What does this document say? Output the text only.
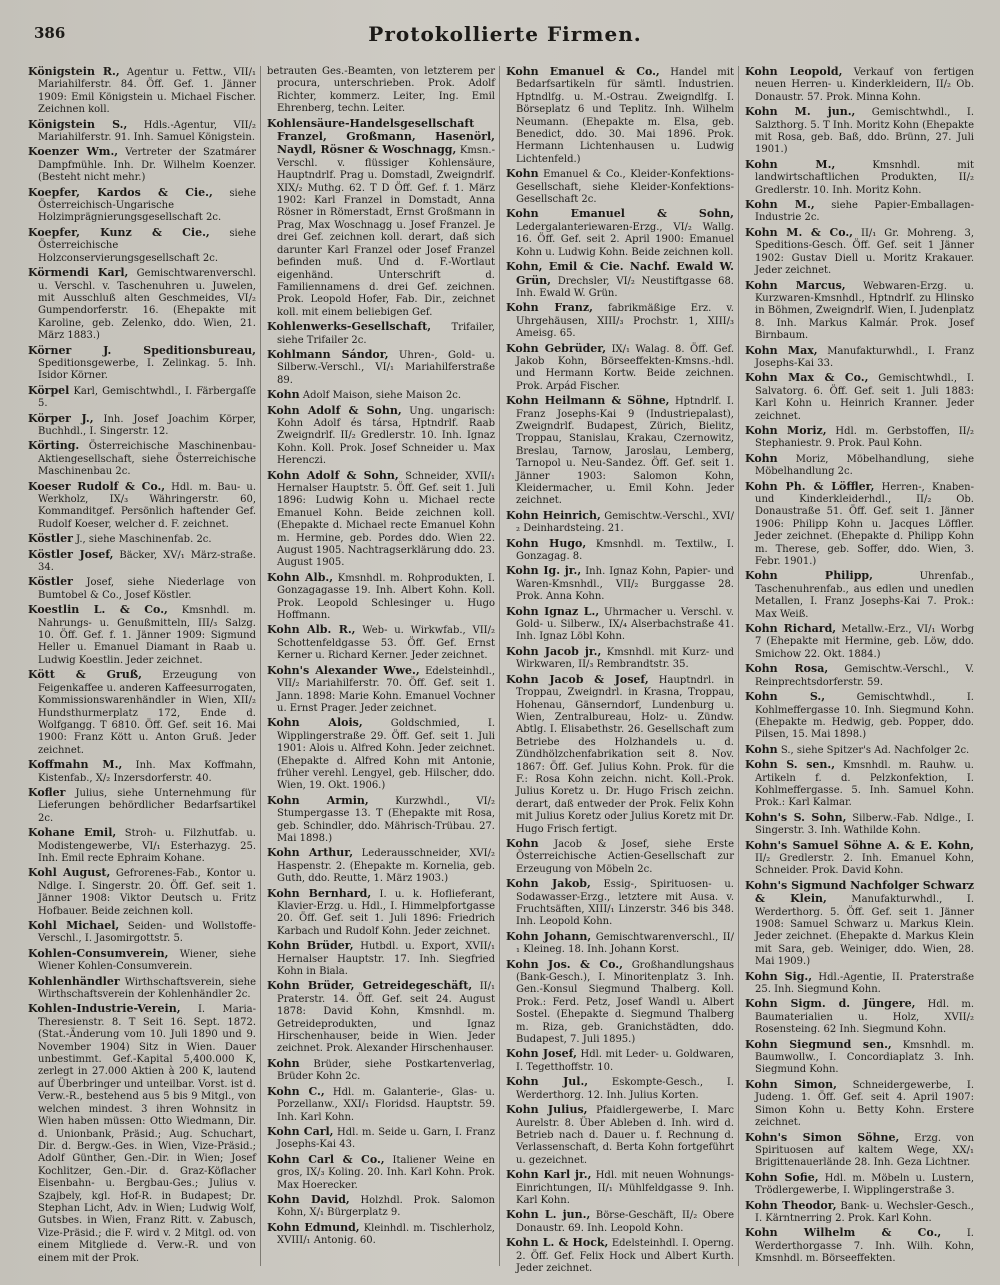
386	Protokollierte Firmen.

Königstein R., Agentur u. Fettw., VII/₁ Mariahilferstr. 84. Öff. Gef. 1. Jänner 1909: Emil Königstein u. Michael Fischer. Zeichnen koll.

Königstein S., Hdls.-Agentur, VII/₂ Mariahilferstr. 91. Inh. Samuel Königstein.

Koenzer Wm., Vertreter der Szatmárer Dampfmühle. Inh. Dr. Wilhelm Koenzer. (Besteht nicht mehr.)

Koepfer, Kardos & Cie., siehe Österreichisch-Ungarische Holzimprägnierungsgesellschaft 2c.

Koepfer, Kunz & Cie., siehe Österreichische Holzconservierungsgesellschaft 2c.

Körmendi Karl, Gemischtwarenverschl. u. Verschl. v. Taschenuhren u. Juwelen, mit Ausschluß alten Geschmeides, VI/₂ Gumpendorferstr. 16. (Ehepakte mit Karoline, geb. Zelenko, ddo. Wien, 21. März 1883.)

Körner J. Speditionsbureau, Speditionsgewerbe, I. Zelinkag. 5. Inh. Isidor Körner.

Körpel Karl, Gemischtwhdl., I. Färbergaſſe 5.

Körper J., Inh. Josef Joachim Körper, Buchhdl., I. Singerstr. 12.

Körting. Österreichische Maschinenbau-Aktiengesellschaft, siehe Österreichische Maschinenbau 2c.

Koeser Rudolf & Co., Hdl. m. Bau- u. Werkholz, IX/₃ Währingerstr. 60, Kommanditgef. Persönlich haftender Gef. Rudolf Koeser, welcher d. F. zeichnet.

Köstler J., siehe Maschinenfab. 2c.

Köstler Josef, Bäcker, XV/₁ März-straße. 34.

Köstler Josef, siehe Niederlage von Bumtobel & Co., Josef Köstler.

Koestlin L. & Co., Kmsnhdl. m. Nahrungs- u. Genußmitteln, III/₃ Salzg. 10. Öff. Gef. f. 1. Jänner 1909: Sigmund Heller u. Emanuel Diamant in Raab u. Ludwig Koestlin. Jeder zeichnet.

Kött & Gruß, Erzeugung von Feigenkaffee u. anderen Kaffeesurrogaten, Kommissionswarenhändler in Wien, XII/₂ Hundsthurmerplatz 172, Ende d. Wolfgangg. T 6810. Öff. Gef. seit 16. Mai 1900: Franz Kött u. Anton Gruß. Jeder zeichnet.

Koffmahn M., Inh. Max Koffmahn, Kistenfab., X/₂ Inzersdorferstr. 40.

Kofler Julius, siehe Unternehmung für Lieferungen behördlicher Bedarfsartikel 2c.

Kohane Emil, Stroh- u. Filzhutfab. u. Modistengewerbe, VI/₁ Esterhazyg. 25. Inh. Emil recte Ephraim Kohane.

Kohl August, Gefrorenes-Fab., Kontor u. Ndlge. I. Singerstr. 20. Öff. Gef. seit 1. Jänner 1908: Viktor Deutsch u. Fritz Hofbauer. Beide zeichnen koll.

Kohl Michael, Seiden- und Wollstoffe-Verschl., I. Jasomirgottstr. 5.

Kohlen-Consumverein, Wiener, siehe Wiener Kohlen-Consumverein.

Kohlenhändler Wirthschaftsverein, siehe Wirthschaftsverein der Kohlenhändler 2c.

Kohlen-Industrie-Verein, I. Maria-Theresienstr. 8. T Seit 16. Sept. 1872. (Stat.-Änderung vom 10. Juli 1890 und 9. November 1904) Sitz in Wien. Dauer unbestimmt. Gef.-Kapital 5,400.000 K, zerlegt in 27.000 Aktien à 200 K, lautend auf Überbringer und unteilbar. Vorst. ist d. Verw.-R., bestehend aus 5 bis 9 Mitgl., von welchen mindest. 3 ihren Wohnsitz in Wien haben müssen: Otto Wiedmann, Dir. d. Unionbank, Präsid.; Aug. Schuchart, Dir. d. Bergw.-Ges. in Wien, Vize-Präsid.; Adolf Günther, Gen.-Dir. in Wien; Josef Kochlitzer, Gen.-Dir. d. Graz-Köflacher Eisenbahn- u. Bergbau-Ges.; Julius v. Szajbely, kgl. Hof-R. in Budapest; Dr. Stephan Licht, Adv. in Wien; Ludwig Wolf, Gutsbes. in Wien, Franz Ritt. v. Zabusch, Vize-Präsid.; die F. wird v. 2 Mitgl. od. von einem Mitgliede d. Verw.-R. und von einem mit der Prok.

betrauten Ges.-Beamten, von letzterem per procura, unterschrieben. Prok. Adolf Richter, kommerz. Leiter, Ing. Emil Ehrenberg, techn. Leiter.

Kohlensäure-Handelsgesellschaft Franzel, Großmann, Hasenörl, Naydl, Rösner & Woschnagg, Kmsn.-Verschl. v. flüssiger Kohlensäure, Hauptndrlf. Prag u. Domstadl, Zweigndrlf. XIX/₂ Muthg. 62. T D Öff. Gef. f. 1. März 1902: Karl Franzel in Domstadt, Anna Rösner in Römerstadt, Ernst Großmann in Prag, Max Woschnagg u. Josef Franzel. Je drei Gef. zeichnen koll. derart, daß sich darunter Karl Franzel oder Josef Franzel befinden muß. Und d. F.-Wortlaut eigenhänd. Unterschrift d. Familiennamens d. drei Gef. zeichnen. Prok. Leopold Hofer, Fab. Dir., zeichnet koll. mit einem beliebigen Gef.

Kohlenwerks-Gesellschaft, Trifailer, siehe Trifailer 2c.

Kohlmann Sándor, Uhren-, Gold- u. Silberw.-Verschl., VI/₁ Mariahilferstraße 89.

Kohn Adolf Maison, siehe Maison 2c.

Kohn Adolf & Sohn, Ung. ungarisch: Kohn Adolf és társa, Hptndrlf. Raab Zweigndrlf. II/₂ Gredlerstr. 10. Inh. Ignaz Kohn. Koll. Prok. Josef Schneider u. Max Herenczi.

Kohn Adolf & Sohn, Schneider, XVII/₁ Hernalser Hauptstr. 5. Öff. Gef. seit 1. Juli 1896: Ludwig Kohn u. Michael recte Emanuel Kohn. Beide zeichnen koll. (Ehepakte d. Michael recte Emanuel Kohn m. Hermine, geb. Pordes ddo. Wien 22. August 1905. Nachtragserklärung ddo. 23. August 1905.

Kohn Alb., Kmsnhdl. m. Rohprodukten, I. Gonzagagasse 19. Inh. Albert Kohn. Koll. Prok. Leopold Schlesinger u. Hugo Hoffmann.

Kohn Alb. R., Web- u. Wirkwfab., VII/₂ Schottenfeldgasse 53. Öff. Gef. Ernst Kerner u. Richard Kerner. Jeder zeichnet.

Kohn's Alexander Wwe., Edelsteinhdl., VII/₂ Mariahilferstr. 70. Öff. Gef. seit 1. Jann. 1898: Marie Kohn. Emanuel Vochner u. Ernst Prager. Jeder zeichnet.

Kohn Alois,	Goldschmied, I. Wipplingerstraße 29. Öff. Gef. seit 1. Juli 1901: Alois u. Alfred Kohn. Jeder zeichnet. (Ehepakte d. Alfred Kohn mit Antonie, früher verehl. Lengyel, geb. Hilscher, ddo. Wien, 19. Okt. 1906.)

Kohn Armin,	Kurzwhdl., VI/₂ Stumpergasse 13. T (Ehepakte mit Rosa, geb. Schindler, ddo. Mährisch-Trübau. 27. Mai 1898.)

Kohn Arthur, Lederausschneider, XVI/₂ Haspenstr. 2. (Ehepakte m. Kornelia, geb. Guth, ddo. Reutte, 1. März 1903.)

Kohn Bernhard, I. u. k. Hoflieferant, Klavier-Erzg. u. Hdl., I. Himmelpfortgasse 20. Öff. Gef. seit 1. Juli 1896: Friedrich Karbach und Rudolf Kohn. Jeder zeichnet.

Kohn Brüder, Hutbdl. u. Export, XVII/₁ Hernalser Hauptstr. 17. Inh. Siegfried Kohn in Biala.

Kohn Brüder, Getreidegeschäft, II/₁ Praterstr. 14. Öff. Gef. seit 24. August 1878: David Kohn, Kmsnhdl. m. Getreideprodukten, und Ignaz Hirschenhauser, beide in Wien. Jeder zeichnet. Prok. Alexander Hirschenhauser.

Kohn Brüder, siehe Postkartenverlag, Brüder Kohn 2c.

Kohn C., Hdl. m. Galanterie-, Glas- u. Porzellanw., XXI/₁ Floridsd. Hauptstr. 59. Inh. Karl Kohn.

Kohn Carl, Hdl. m. Seide u. Garn, I. Franz Josephs-Kai 43.

Kohn Carl & Co., Italiener Weine en gros, IX/₃ Koling. 20. Inh. Karl Kohn. Prok. Max Hoerecker.

Kohn David, Holzhdl. Prok. Salomon Kohn, X/₁ Bürgerplatz 9.

Kohn Edmund, Kleinhdl. m. Tischlerholz, XVIII/₁ Antonig. 60.

Kohn Emanuel & Co., Handel mit Bedarfsartikeln für sämtl. Industrien. Hptndlfg. u. M.-Ostrau. Zweigndlfg. I. Börseplatz 6 und Teplitz. Inh. Wilhelm Neumann. (Ehepakte m. Elsa, geb. Benedict, ddo. 30. Mai 1896. Prok. Hermann Lichtenhausen u. Ludwig Lichtenfeld.)

Kohn Emanuel & Co., Kleider-Konfektions-Gesellschaft, siehe Kleider-Konfektions-Gesellschaft 2c.

Kohn Emanuel & Sohn, Ledergalanteriewaren-Erzg., VI/₂ Wallg. 16. Öff. Gef. seit 2. April 1900: Emanuel Kohn u. Ludwig Kohn. Beide zeichnen koll.

Kohn, Emil & Cie. Nachf. Ewald W. Grün, Drechsler, VI/₂ Neustiftgasse 68. Inh. Ewald W. Grün.

Kohn Franz, fabrikmäßige Erz. v. Uhrgehäusen, XIII/₃ Prochstr. 1, XIII/₃ Ameisg. 65.

Kohn Gebrüder, IX/₁ Walag. 8. Öff. Gef. Jakob Kohn, Börseeffekten-Kmsns.-hdl. und Hermann Kortw. Beide zeichnen. Prok. Arpád Fischer.

Kohn Heilmann & Söhne, Hptndrlf. I. Franz Josephs-Kai 9 (Industriepalast), Zweigndrlf. Budapest, Zürich, Bielitz, Troppau, Stanislau, Krakau, Czernowitz, Breslau, Tarnow, Jaroslau, Lemberg, Tarnopol u. Neu-Sandez. Öff. Gef. seit 1. Jänner 1903: Salomon Kohn, Kleidermacher, u. Emil Kohn. Jeder zeichnet.

Kohn Heinrich, Gemischtw.-Verschl., XVI/₂ Deinhardsteing. 21.

Kohn Hugo, Kmsnhdl. m. Textilw., I. Gonzagag. 8.

Kohn Ig. jr., Inh. Ignaz Kohn, Papier- und Waren-Kmsnhdl., VII/₂ Burggasse 28. Prok. Anna Kohn.

Kohn Ignaz L., Uhrmacher u. Verschl. v. Gold- u. Silberw., IX/₄ Alserbachstraße 41. Inh. Ignaz Löbl Kohn.

Kohn Jacob jr., Kmsnhdl. mit Kurz- und Wirkwaren, II/₃ Rembrandtstr. 35.

Kohn Jacob & Josef, Hauptndrl. in Troppau, Zweigndrl. in Krasna, Troppau, Hohenau, Gänserndorf, Lundenburg u. Wien, Zentralbureau, Holz- u. Zündw. Abtlg. I. Elisabethstr. 26. Gesellschaft zum Betriebe des Holzhandels u. d. Zündhölzchenfabrikation seit 8. Nov. 1867: Öff. Gef. Julius Kohn. Prok. für die F.: Rosa Kohn zeichn. nicht. Koll.-Prok. Julius Koretz u. Dr. Hugo Frisch zeichn. derart, daß entweder der Prok. Felix Kohn mit Julius Koretz oder Julius Koretz mit Dr. Hugo Frisch fertigt.

Kohn Jacob & Josef, siehe Erste Österreichische Actien-Gesellschaft zur Erzeugung von Möbeln 2c.

Kohn Jakob, Essig-, Spirituosen- u. Sodawasser-Erzg., letztere mit Ausa. v. Fruchtsäften, XIII/₁ Linzerstr. 346 bis 348. Inh. Leopold Kohn.

Kohn Johann, Gemischtwarenverschl., II/₁ Kleineg. 18. Inh. Johann Korst.

Kohn Jos. & Co., Großhandlungshaus (Bank-Gesch.), I. Minoritenplatz 3. Inh. Gen.-Konsul Siegmund Thalberg. Koll. Prok.: Ferd. Petz, Josef Wandl u. Albert Sostel. (Ehepakte d. Siegmund Thalberg m. Riza, geb. Granichstädten, ddo. Budapest, 7. Juli 1895.)

Kohn Josef, Hdl. mit Leder- u. Goldwaren, I. Tegetthoffstr. 10.

Kohn Jul., Eskompte-Gesch., I. Werderthorg. 12. Inh. Julius Korten.

Kohn Julius, Pfaidlergewerbe, I. Marc Aurelstr. 8. Über Ableben d. Inh. wird d. Betrieb nach d. Dauer u. f. Rechnung d. Verlassenschaft, d. Berta Kohn fortgeführt u. gezeichnet.

Kohn Karl jr., Hdl. mit neuen Wohnungs-Einrichtungen, II/₁ Mühlfeldgasse 9. Inh. Karl Kohn.

Kohn L. jun., Börse-Geschäft, II/₂ Obere Donaustr. 69. Inh. Leopold Kohn.

Kohn L. & Hock, Edelsteinhdl. I. Operng. 2. Öff. Gef. Felix Hock und Albert Kurth. Jeder zeichnet.

Kohn Leopold, Verkauf von fertigen neuen Herren- u. Kinderkleidern, II/₂ Ob. Donaustr. 57. Prok. Minna Kohn.

Kohn M. jun., Gemischtwhdl., I. Salzthorg. 5. T Inh. Moritz Kohn (Ehepakte mit Rosa, geb. Baß, ddo. Brünn, 27. Juli 1901.)

Kohn M.,	Kmsnhdl. mit landwirtschaftlichen Produkten, II/₂ Gredlerstr. 10. Inh. Moritz Kohn.

Kohn M., siehe Papier-Emballagen-Industrie 2c.

Kohn M. & Co., II/₁ Gr. Mohreng. 3, Speditions-Gesch. Öff. Gef. seit 1 Jänner 1902: Gustav Diell u. Moritz Krakauer. Jeder zeichnet.

Kohn Marcus, Webwaren-Erzg. u. Kurzwaren-Kmsnhdl., Hptndrlf. zu Hlinsko in Böhmen, Zweigndrlf. Wien, I. Judenplatz 8. Inh. Markus Kalmár. Prok. Josef Birnbaum.

Kohn Max, Manufakturwhdl., I. Franz Josephs-Kai 33.

Kohn Max & Co., Gemischtwhdl., I. Salvatorg. 6. Öff. Gef. seit 1. Juli 1883: Karl Kohn u. Heinrich Kranner. Jeder zeichnet.

Kohn Moriz, Hdl. m. Gerbstoffen, II/₂ Stephaniestr. 9. Prok. Paul Kohn.

Kohn Moriz, Möbelhandlung, siehe Möbelhandlung 2c.

Kohn Ph. & Löffler, Herren-, Knaben- und Kinderkleiderhdl., II/₂ Ob. Donaustraße 51. Öff. Gef. seit 1. Jänner 1906: Philipp Kohn u. Jacques Löffler. Jeder zeichnet. (Ehepakte d. Philipp Kohn m. Therese, geb. Soffer, ddo. Wien, 3. Febr. 1901.)

Kohn Philipp,	Uhrenfab., Taschenuhrenfab., aus edlen und unedlen Metallen, I. Franz Josephs-Kai 7. Prok.: Max Weiß.

Kohn Richard, Metallw.-Erz., VI/₁ Worbg 7 (Ehepakte mit Hermine, geb. Löw, ddo. Smichow 22. Okt. 1884.)

Kohn Rosa, Gemischtw.-Verschl., V. Reinprechtsdorferstr. 59.

Kohn S.,	Gemischtwhdl., I. Kohlmeffergasse 10. Inh. Siegmund Kohn. (Ehepakte m. Hedwig, geb. Popper, ddo. Pilsen, 15. Mai 1898.)

Kohn S., siehe Spitzer's Ad. Nachfolger 2c.

Kohn S. sen., Kmsnhdl. m. Rauhw. u. Artikeln f. d. Pelzkonfektion, I. Kohlmeffergasse. 5. Inh. Samuel Kohn. Prok.: Karl Kalmar.

Kohn's S. Sohn, Silberw.-Fab. Ndlge., I. Singerstr. 3. Inh. Wathilde Kohn.

Kohn's Samuel Söhne A. & E. Kohn, II/₂ Gredlerstr. 2. Inh. Emanuel Kohn, Schneider. Prok. David Kohn.

Kohn's Sigmund Nachfolger Schwarz & Klein, Manufakturwhdl., I. Werderthorg. 5. Öff. Gef. seit 1. Jänner 1908: Samuel Schwarz u. Markus Klein. Jeder zeichnet. (Ehepakte d. Markus Klein mit Sara, geb. Weiniger, ddo. Wien, 28. Mai 1909.)

Kohn Sig., Hdl.-Agentie, II. Praterstraße 25. Inh. Siegmund Kohn.

Kohn Sigm. d. Jüngere, Hdl. m. Baumaterialien u. Holz, XVII/₂ Rosensteing. 62 Inh. Siegmund Kohn.

Kohn Siegmund sen., Kmsnhdl. m. Baumwollw., I. Concordiaplatz 3. Inh. Siegmund Kohn.

Kohn Simon, Schneidergewerbe, I. Judeng. 1. Öff. Gef. seit 4. April 1907: Simon Kohn u. Betty Kohn. Erstere zeichnet.

Kohn's Simon Söhne, Erzg. von Spirituosen auf kaltem Wege, XX/₁ Brigittenauerlände 28. Inh. Geza Lichtner.

Kohn Sofie, Hdl. m. Möbeln u. Lustern, Trödlergewerbe, I. Wipplingerstraße 3.

Kohn Theodor, Bank- u. Wechsler-Gesch., I. Kärntnerring 2. Prok. Karl Kohn.

Kohn Wilhelm & Co.,	I. Werderthorgasse 7. Inh. Wilh. Kohn, Kmsnhdl. m. Börseeffekten.
